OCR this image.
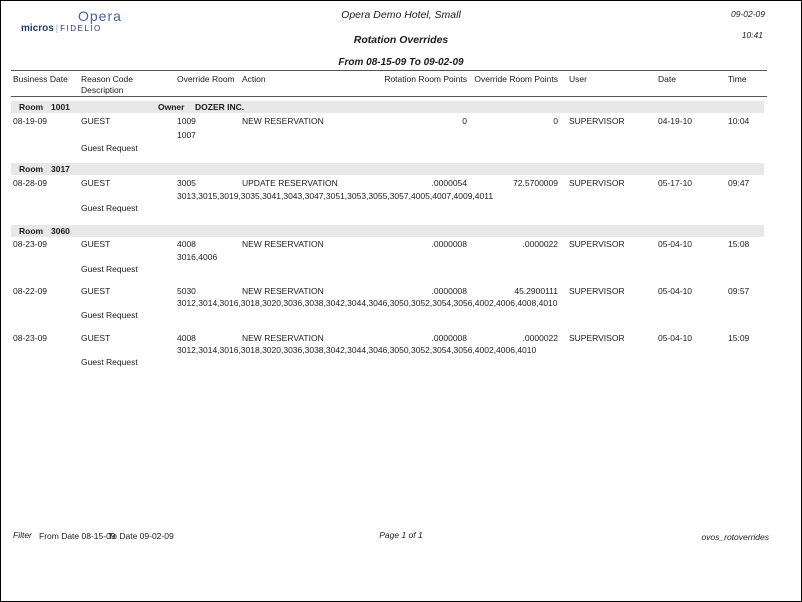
Opera
micros | FIDELIO
Opera Demo Hotel, Small
Rotation Overrides
From 08-15-09 To 09-02-09
09-02-09
10:41
Business Date Reason Code	Override Room Action	Rotation Room Points Override Room Points User	Date	Time
Description
Room 1001	Owner DOZER INC.
08-19-09	GUEST	1009	NEW RESERVATION	0	0 SUPERVISOR	04-19-10	10:04
1007
Guest Request
Room 3017
08-28-09	GUEST	3005	UPDATE RESERVATION	.0000054	72.5700009 SUPERVISOR	05-17-10	09:47
3013,3015,3019,3035,3041,3043,3047,3051,3053,3055,3057,4005,4007,4009,4011
Guest Request
Room 3060
08-23-09	GUEST	4008	NEW RESERVATION	.0000008	.0000022 SUPERVISOR	05-04-10	15:08
3016,4006
Guest Request
08-22-09	GUEST	5030	NEW RESERVATION	.0000008	45.2900111 SUPERVISOR	05-04-10	09:57
3012,3014,3016,3018,3020,3036,3038,3042,3044,3046,3050,3052,3054,3056,4002,4006,4008,4010
Guest Request
08-23-09	GUEST	4008	NEW RESERVATION	.0000008	.0000022 SUPERVISOR	05-04-10	15:09
3012,3014,3016,3018,3020,3036,3038,3042,3044,3046,3050,3052,3054,3056,4002,4006,4010
Guest Request
Filter From Date 08-15-09
To Date 09-02-09	Page 1 of 1	ovos_rotoverrides
